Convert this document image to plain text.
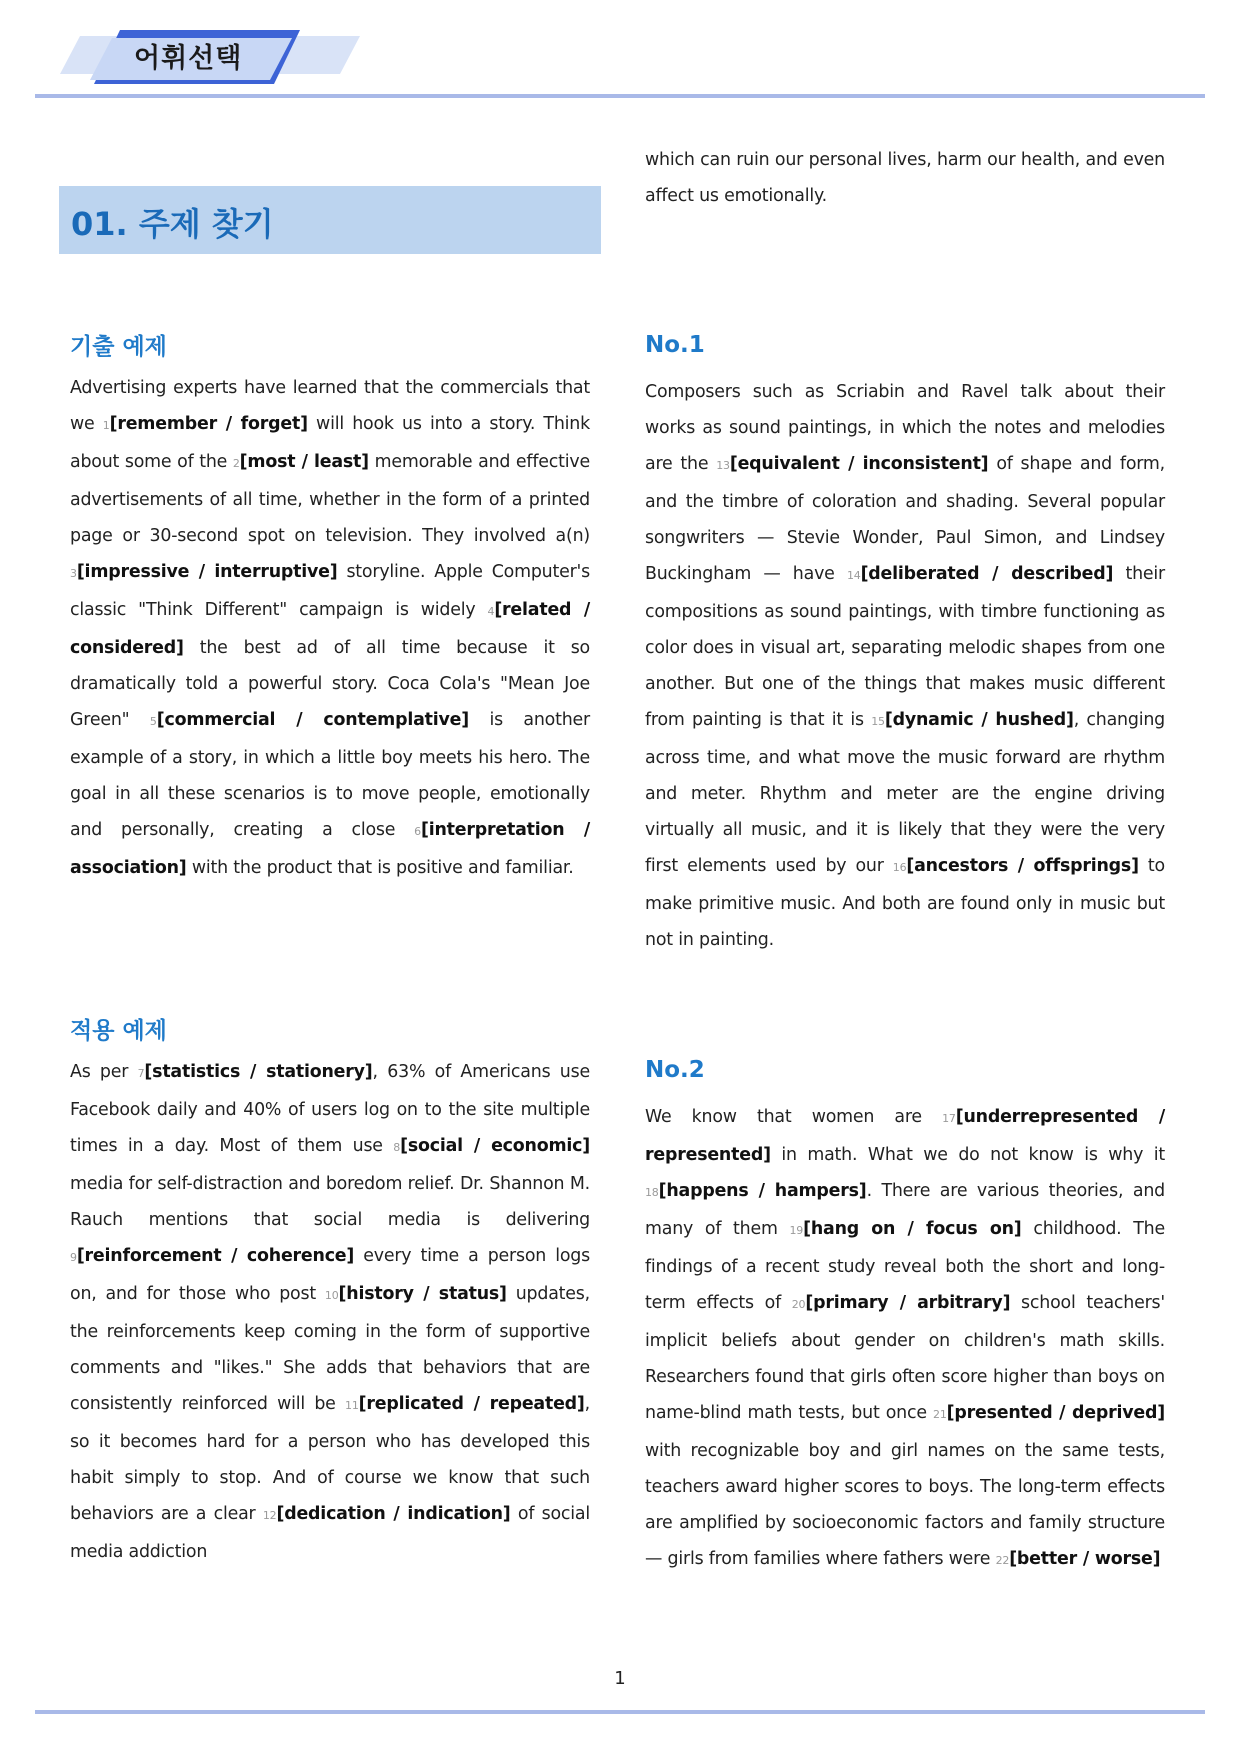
어휘선택
01. 주제 찾기
기출 예제

Advertising experts have learned that the commercials that we 1[remember / forget] will hook us into a story. Think about some of the 2[most / least] memorable and effective advertisements of all time, whether in the form of a printed page or 30-second spot on television. They involved a(n) 3[impressive / interruptive] storyline. Apple Computer's classic "Think Different" campaign is widely 4[related / considered] the best ad of all time because it so dramatically told a powerful story. Coca Cola's "Mean Joe Green" 5[commercial / contemplative] is another example of a story, in which a little boy meets his hero. The goal in all these scenarios is to move people, emotionally and personally, creating a close 6[interpretation / association] with the product that is positive and familiar.

적용 예제

As per 7[statistics / stationery], 63% of Americans use Facebook daily and 40% of users log on to the site multiple times in a day. Most of them use 8[social / economic] media for self-distraction and boredom relief. Dr. Shannon M. Rauch mentions that social media is delivering 9[reinforcement / coherence] every time a person logs on, and for those who post 10[history / status] updates, the reinforcements keep coming in the form of supportive comments and "likes." She adds that behaviors that are consistently reinforced will be 11[replicated / repeated], so it becomes hard for a person who has developed this habit simply to stop. And of course we know that such behaviors are a clear 12[dedication / indication] of social media addiction

which can ruin our personal lives, harm our health, and even affect us emotionally.

No.1

Composers such as Scriabin and Ravel talk about their works as sound paintings, in which the notes and melodies are the 13[equivalent / inconsistent] of shape and form, and the timbre of coloration and shading. Several popular songwriters — Stevie Wonder, Paul Simon, and Lindsey Buckingham — have 14[deliberated / described] their compositions as sound paintings, with timbre functioning as color does in visual art, separating melodic shapes from one another. But one of the things that makes music different from painting is that it is 15[dynamic / hushed], changing across time, and what move the music forward are rhythm and meter. Rhythm and meter are the engine driving virtually all music, and it is likely that they were the very first elements used by our 16[ancestors / offsprings] to make primitive music. And both are found only in music but not in painting.

No.2

We know that women are 17[underrepresented / represented] in math. What we do not know is why it 18[happens / hampers]. There are various theories, and many of them 19[hang on / focus on] childhood. The findings of a recent study reveal both the short and long-term effects of 20[primary / arbitrary] school teachers' implicit beliefs about gender on children's math skills. Researchers found that girls often score higher than boys on name-blind math tests, but once 21[presented / deprived] with recognizable boy and girl names on the same tests, teachers award higher scores to boys. The long-term effects are amplified by socioeconomic factors and family structure — girls from families where fathers were 22[better / worse]

1
